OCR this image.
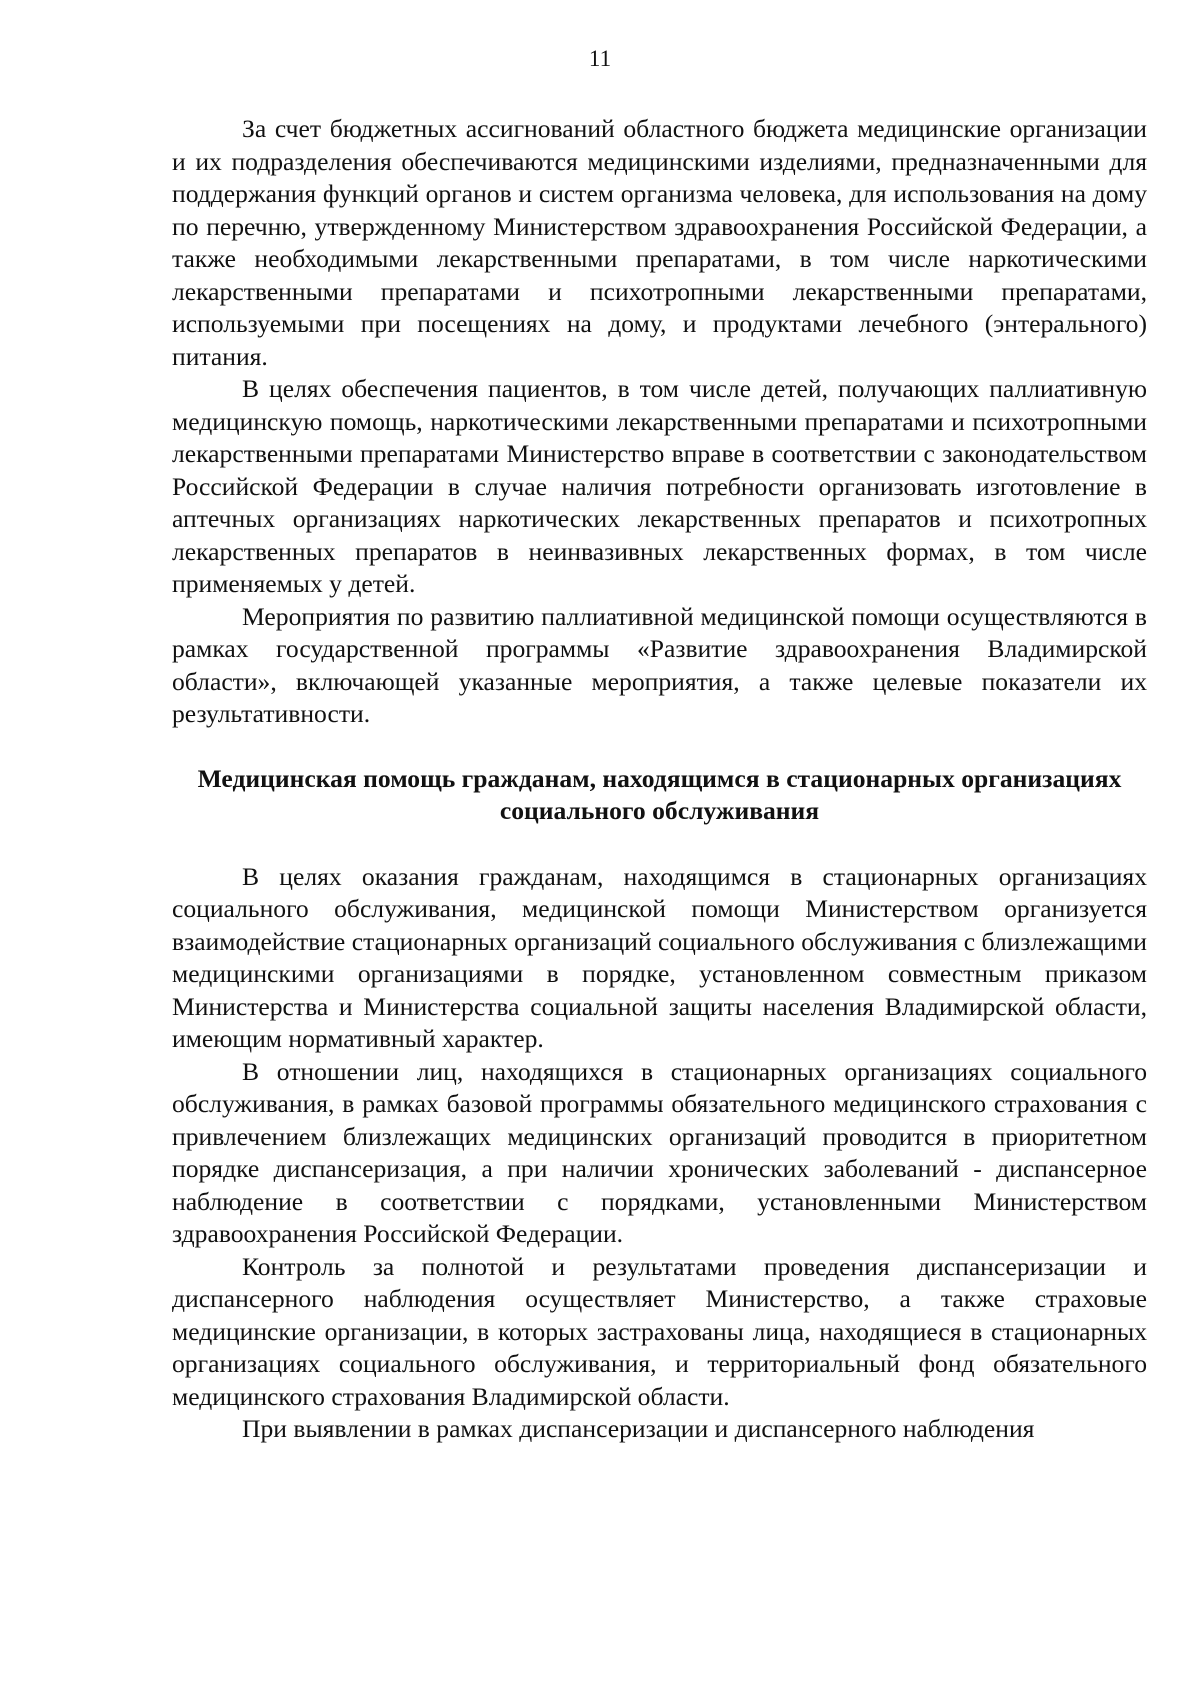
11

За счет бюджетных ассигнований областного бюджета медицинские организации и их подразделения обеспечиваются медицинскими изделиями, предназначенными для поддержания функций органов и систем организма человека, для использования на дому по перечню, утвержденному Министерством здравоохранения Российской Федерации, а также необходимыми лекарственными препаратами, в том числе наркотическими лекарственными препаратами и психотропными лекарственными препаратами, используемыми при посещениях на дому, и продуктами лечебного (энтерального) питания.

В целях обеспечения пациентов, в том числе детей, получающих паллиативную медицинскую помощь, наркотическими лекарственными препаратами и психотропными лекарственными препаратами Министерство вправе в соответствии с законодательством Российской Федерации в случае наличия потребности организовать изготовление в аптечных организациях наркотических лекарственных препаратов и психотропных лекарственных препаратов в неинвазивных лекарственных формах, в том числе применяемых у детей.

Мероприятия по развитию паллиативной медицинской помощи осуществляются в рамках государственной программы «Развитие здравоохранения Владимирской области», включающей указанные мероприятия, а также целевые показатели их результативности.

Медицинская помощь гражданам, находящимся в стационарных организациях социального обслуживания

В целях оказания гражданам, находящимся в стационарных организациях социального обслуживания, медицинской помощи Министерством организуется взаимодействие стационарных организаций социального обслуживания с близлежащими медицинскими организациями в порядке, установленном совместным приказом Министерства и Министерства социальной защиты населения Владимирской области, имеющим нормативный характер.

В отношении лиц, находящихся в стационарных организациях социального обслуживания, в рамках базовой программы обязательного медицинского страхования с привлечением близлежащих медицинских организаций проводится в приоритетном порядке диспансеризация, а при наличии хронических заболеваний - диспансерное наблюдение в соответствии с порядками, установленными Министерством здравоохранения Российской Федерации.

Контроль за полнотой и результатами проведения диспансеризации и диспансерного наблюдения осуществляет Министерство, а также страховые медицинские организации, в которых застрахованы лица, находящиеся в стационарных организациях социального обслуживания, и территориальный фонд обязательного медицинского страхования Владимирской области.

При выявлении в рамках диспансеризации и диспансерного наблюдения
